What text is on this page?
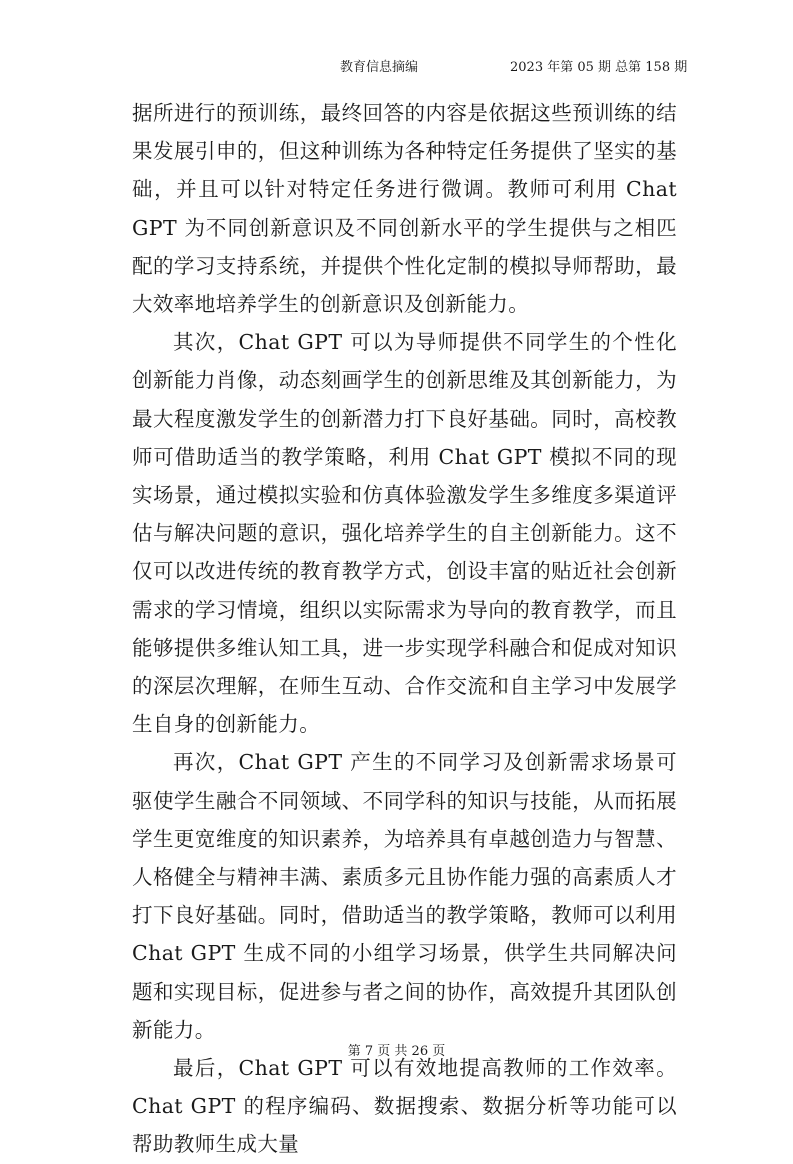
教育信息摘编	2023 年第 05 期 总第 158 期

据所进行的预训练，最终回答的内容是依据这些预训练的结果发展引申的，但这种训练为各种特定任务提供了坚实的基础，并且可以针对特定任务进行微调。教师可利用 Chat GPT 为不同创新意识及不同创新水平的学生提供与之相匹配的学习支持系统，并提供个性化定制的模拟导师帮助，最大效率地培养学生的创新意识及创新能力。

其次，Chat GPT 可以为导师提供不同学生的个性化创新能力肖像，动态刻画学生的创新思维及其创新能力，为最大程度激发学生的创新潜力打下良好基础。同时，高校教师可借助适当的教学策略，利用 Chat GPT 模拟不同的现实场景，通过模拟实验和仿真体验激发学生多维度多渠道评估与解决问题的意识，强化培养学生的自主创新能力。这不仅可以改进传统的教育教学方式，创设丰富的贴近社会创新需求的学习情境，组织以实际需求为导向的教育教学，而且能够提供多维认知工具，进一步实现学科融合和促成对知识的深层次理解，在师生互动、合作交流和自主学习中发展学生自身的创新能力。

再次，Chat GPT 产生的不同学习及创新需求场景可驱使学生融合不同领域、不同学科的知识与技能，从而拓展学生更宽维度的知识素养，为培养具有卓越创造力与智慧、人格健全与精神丰满、素质多元且协作能力强的高素质人才打下良好基础。同时，借助适当的教学策略，教师可以利用 Chat GPT 生成不同的小组学习场景，供学生共同解决问题和实现目标，促进参与者之间的协作，高效提升其团队创新能力。

最后，Chat GPT 可以有效地提高教师的工作效率。Chat GPT 的程序编码、数据搜索、数据分析等功能可以帮助教师生成大量

第 7 页 共 26 页
